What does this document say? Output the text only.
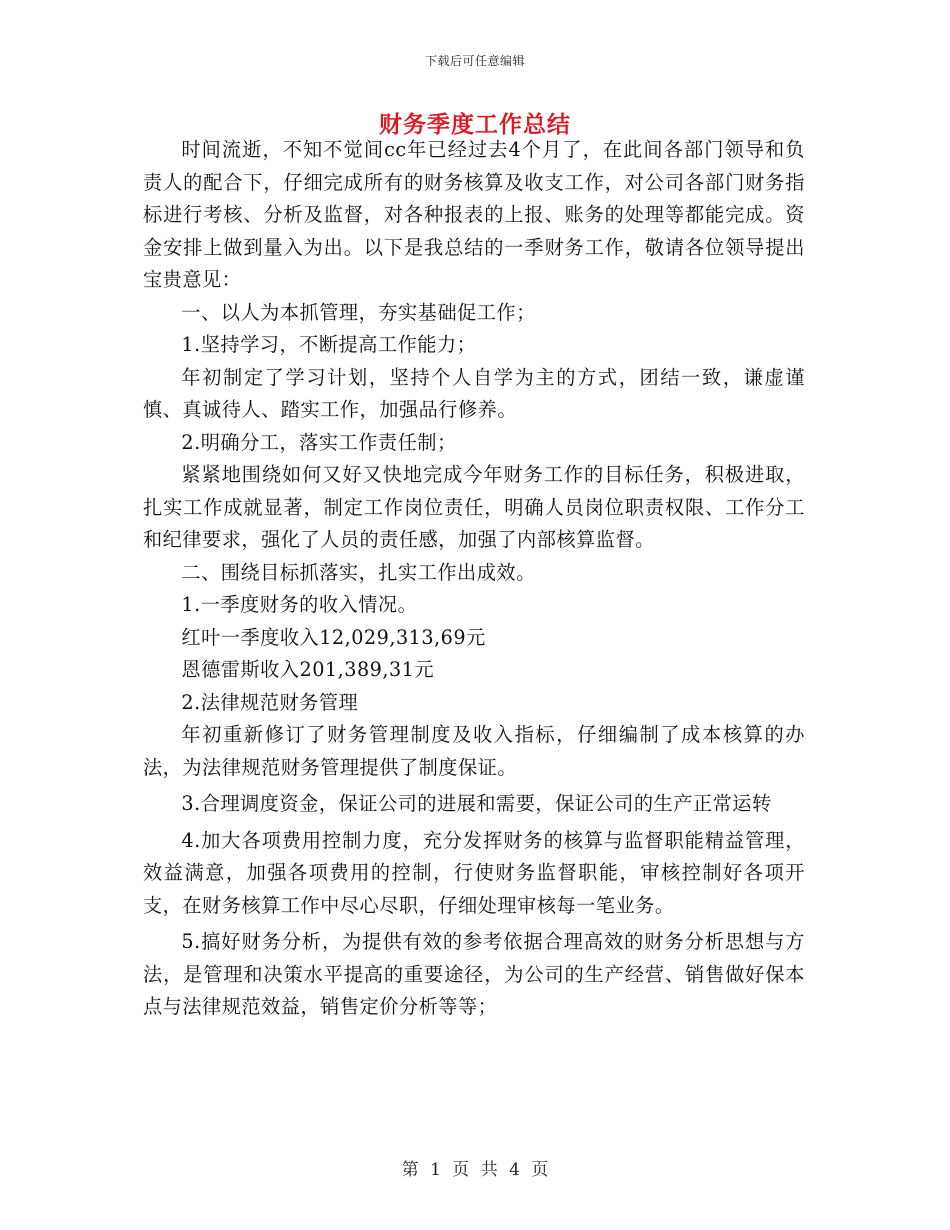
下载后可任意编辑
财务季度工作总结

时间流逝，不知不觉间cc年已经过去4个月了，在此间各部门领导和负责人的配合下，仔细完成所有的财务核算及收支工作，对公司各部门财务指标进行考核、分析及监督，对各种报表的上报、账务的处理等都能完成。资金安排上做到量入为出。以下是我总结的一季财务工作，敬请各位领导提出宝贵意见：

一、以人为本抓管理，夯实基础促工作；

1.坚持学习，不断提高工作能力；

年初制定了学习计划，坚持个人自学为主的方式，团结一致，谦虚谨慎、真诚待人、踏实工作，加强品行修养。

2.明确分工，落实工作责任制；

紧紧地围绕如何又好又快地完成今年财务工作的目标任务，积极进取，扎实工作成就显著，制定工作岗位责任，明确人员岗位职责权限、工作分工和纪律要求，强化了人员的责任感，加强了内部核算监督。

二、围绕目标抓落实，扎实工作出成效。

1.一季度财务的收入情况。

红叶一季度收入12,029,313,69元

恩德雷斯收入201,389,31元

2.法律规范财务管理

年初重新修订了财务管理制度及收入指标，仔细编制了成本核算的办法，为法律规范财务管理提供了制度保证。

3.合理调度资金，保证公司的进展和需要，保证公司的生产正常运转

4.加大各项费用控制力度，充分发挥财务的核算与监督职能精益管理，效益满意，加强各项费用的控制，行使财务监督职能，审核控制好各项开支，在财务核算工作中尽心尽职，仔细处理审核每一笔业务。

5.搞好财务分析，为提供有效的参考依据合理高效的财务分析思想与方法，是管理和决策水平提高的重要途径，为公司的生产经营、销售做好保本点与法律规范效益，销售定价分析等等；

第 1 页 共 4 页
